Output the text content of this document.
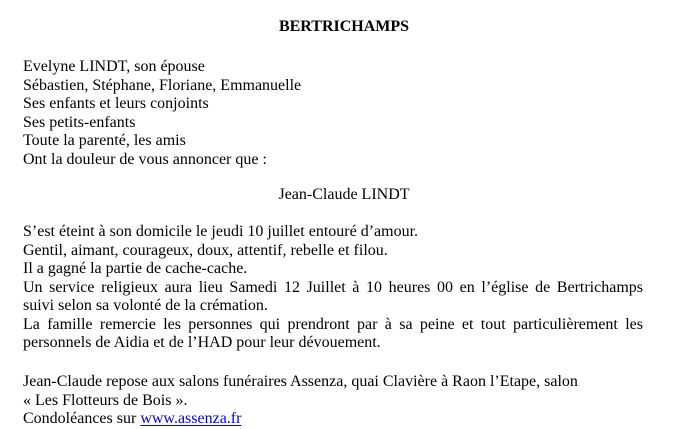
BERTRICHAMPS
Evelyne LINDT, son épouse
Sébastien, Stéphane, Floriane, Emmanuelle
Ses enfants et leurs conjoints
Ses petits-enfants
Toute la parenté, les amis
Ont la douleur de vous annoncer que :
Jean-Claude LINDT
S’est éteint à son domicile le jeudi 10 juillet entouré d’amour.
Gentil, aimant, courageux, doux, attentif, rebelle et filou.
Il a gagné la partie de cache-cache.
Un service religieux aura lieu Samedi 12 Juillet à 10 heures 00 en l’église de Bertrichamps
suivi selon sa volonté de la crémation.
La famille remercie les personnes qui prendront par à sa peine et tout particulièrement les
personnels de Aidia et de l’HAD pour leur dévouement.
Jean-Claude repose aux salons funéraires Assenza, quai Clavière à Raon l’Etape, salon
« Les Flotteurs de Bois ».
Condoléances sur www.assenza.fr
